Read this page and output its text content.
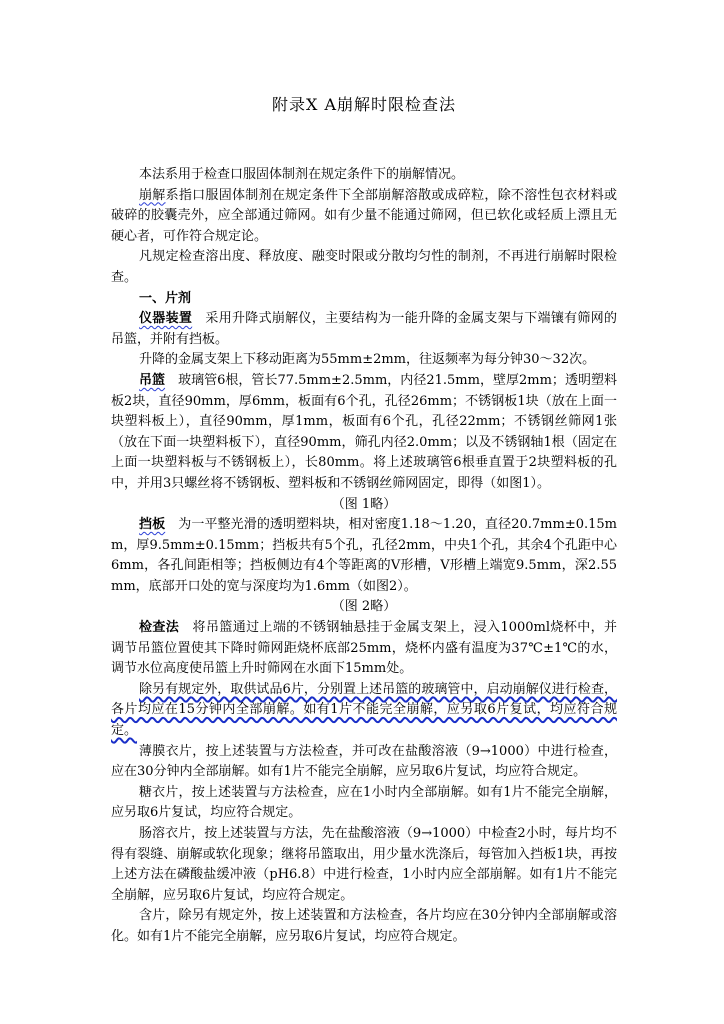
附录Ⅹ A崩解时限检查法

本法系用于检查口服固体制剂在规定条件下的崩解情况。

崩解系指口服固体制剂在规定条件下全部崩解溶散或成碎粒，除不溶性包衣材料或破碎的胶囊壳外，应全部通过筛网。如有少量不能通过筛网，但已软化或轻质上漂且无硬心者，可作符合规定论。

凡规定检查溶出度、释放度、融变时限或分散均匀性的制剂，不再进行崩解时限检查。

一、片剂

仪器装置　采用升降式崩解仪，主要结构为一能升降的金属支架与下端镶有筛网的吊篮，并附有挡板。

升降的金属支架上下移动距离为55mm±2mm，往返频率为每分钟30～32次。

吊篮　玻璃管6根，管长77.5mm±2.5mm，内径21.5mm，壁厚2mm；透明塑料板2块，直径90mm，厚6mm，板面有6个孔，孔径26mm；不锈钢板1块（放在上面一块塑料板上），直径90mm，厚1mm，板面有6个孔，孔径22mm；不锈钢丝筛网1张（放在下面一块塑料板下），直径90mm，筛孔内径2.0mm；以及不锈钢轴1根（固定在上面一块塑料板与不锈钢板上），长80mm。将上述玻璃管6根垂直置于2块塑料板的孔中，并用3只螺丝将不锈钢板、塑料板和不锈钢丝筛网固定，即得（如图1）。

（图 1略）

挡板　为一平整光滑的透明塑料块，相对密度1.18～1.20，直径20.7mm±0.15mm，厚9.5mm±0.15mm；挡板共有5个孔，孔径2mm，中央1个孔，其余4个孔距中心6mm，各孔间距相等；挡板侧边有4个等距离的V形槽，V形槽上端宽9.5mm，深2.55mm，底部开口处的宽与深度均为1.6mm（如图2）。

（图 2略）

检查法　将吊篮通过上端的不锈钢轴悬挂于金属支架上，浸入1000ml烧杯中，并调节吊篮位置使其下降时筛网距烧杯底部25mm，烧杯内盛有温度为37℃±1℃的水，调节水位高度使吊篮上升时筛网在水面下15mm处。

除另有规定外，取供试品6片，分别置上述吊篮的玻璃管中，启动崩解仪进行检查，各片均应在15分钟内全部崩解。如有1片不能完全崩解，应另取6片复试，均应符合规定。

薄膜衣片，按上述装置与方法检查，并可改在盐酸溶液（9→1000）中进行检查，应在30分钟内全部崩解。如有1片不能完全崩解，应另取6片复试，均应符合规定。

糖衣片，按上述装置与方法检查，应在1小时内全部崩解。如有1片不能完全崩解，应另取6片复试，均应符合规定。

肠溶衣片，按上述装置与方法，先在盐酸溶液（9→1000）中检查2小时，每片均不得有裂缝、崩解或软化现象；继将吊篮取出，用少量水洗涤后，每管加入挡板1块，再按上述方法在磷酸盐缓冲液（pH6.8）中进行检查，1小时内应全部崩解。如有1片不能完全崩解，应另取6片复试，均应符合规定。

含片，除另有规定外，按上述装置和方法检查，各片均应在30分钟内全部崩解或溶化。如有1片不能完全崩解，应另取6片复试，均应符合规定。
